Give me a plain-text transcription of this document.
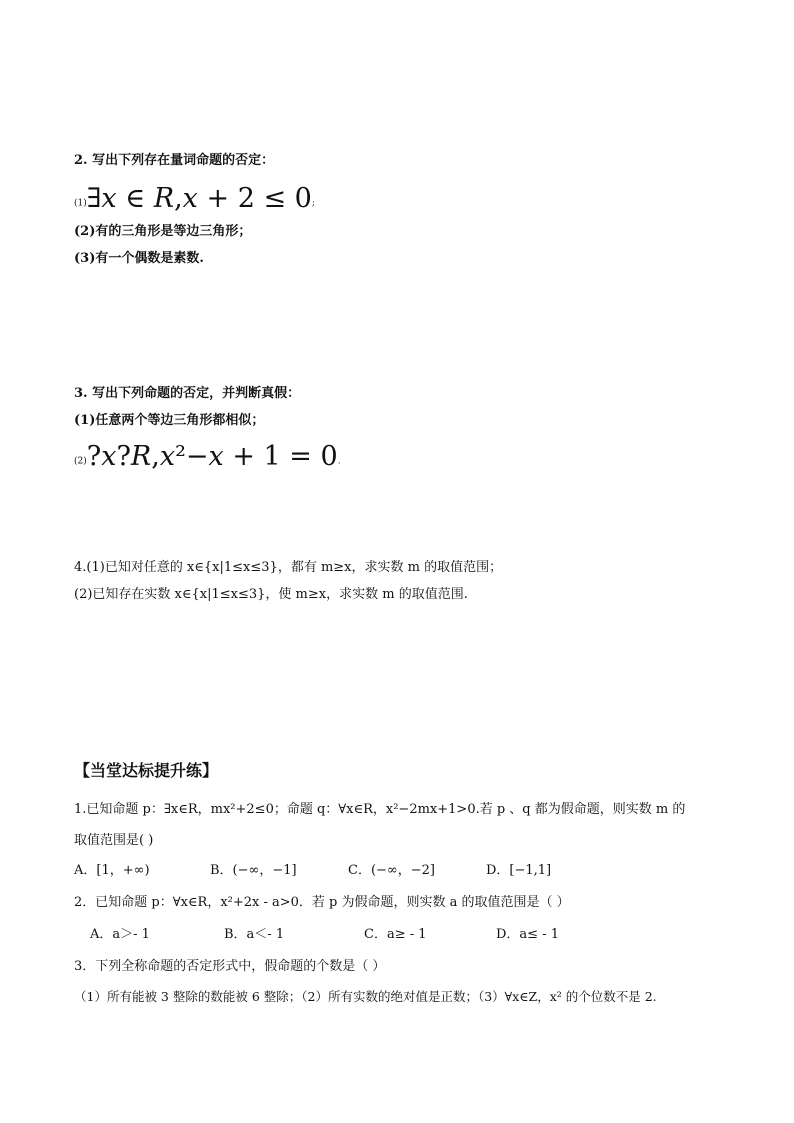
2. 写出下列存在量词命题的否定：
(1)∃𝑥 ∈ 𝑅,𝑥 + 2 ≤ 0;
(2)有的三角形是等边三角形；
(3)有一个偶数是素数.
3. 写出下列命题的否定，并判断真假：
(1)任意两个等边三角形都相似；
(2)?𝑥?𝑅,𝑥²−𝑥 + 1 = 0.
4.(1)已知对任意的 x∈{x|1≤x≤3}，都有 m≥x，求实数 m 的取值范围；
(2)已知存在实数 x∈{x|1≤x≤3}，使 m≥x，求实数 m 的取值范围.
【当堂达标提升练】
1.已知命题 p：∃x∈R，mx²+2≤0；命题 q：∀x∈R，x²−2mx+1>0.若 p 、q 都为假命题，则实数 m 的
取值范围是( )
A．[1，+∞)	B．(−∞，−1]	C．(−∞，−2]	D．[−1,1]
2．已知命题 p：∀x∈R，x²+2x - a>0．若 p 为假命题，则实数 a 的取值范围是（ ）
A．a＞- 1	B．a＜- 1	C．a≥ - 1	D．a≤ - 1
3．下列全称命题的否定形式中，假命题的个数是（ ）
（1）所有能被 3 整除的数能被 6 整除；（2）所有实数的绝对值是正数；（3）∀x∈Z，x² 的个位数不是 2.
